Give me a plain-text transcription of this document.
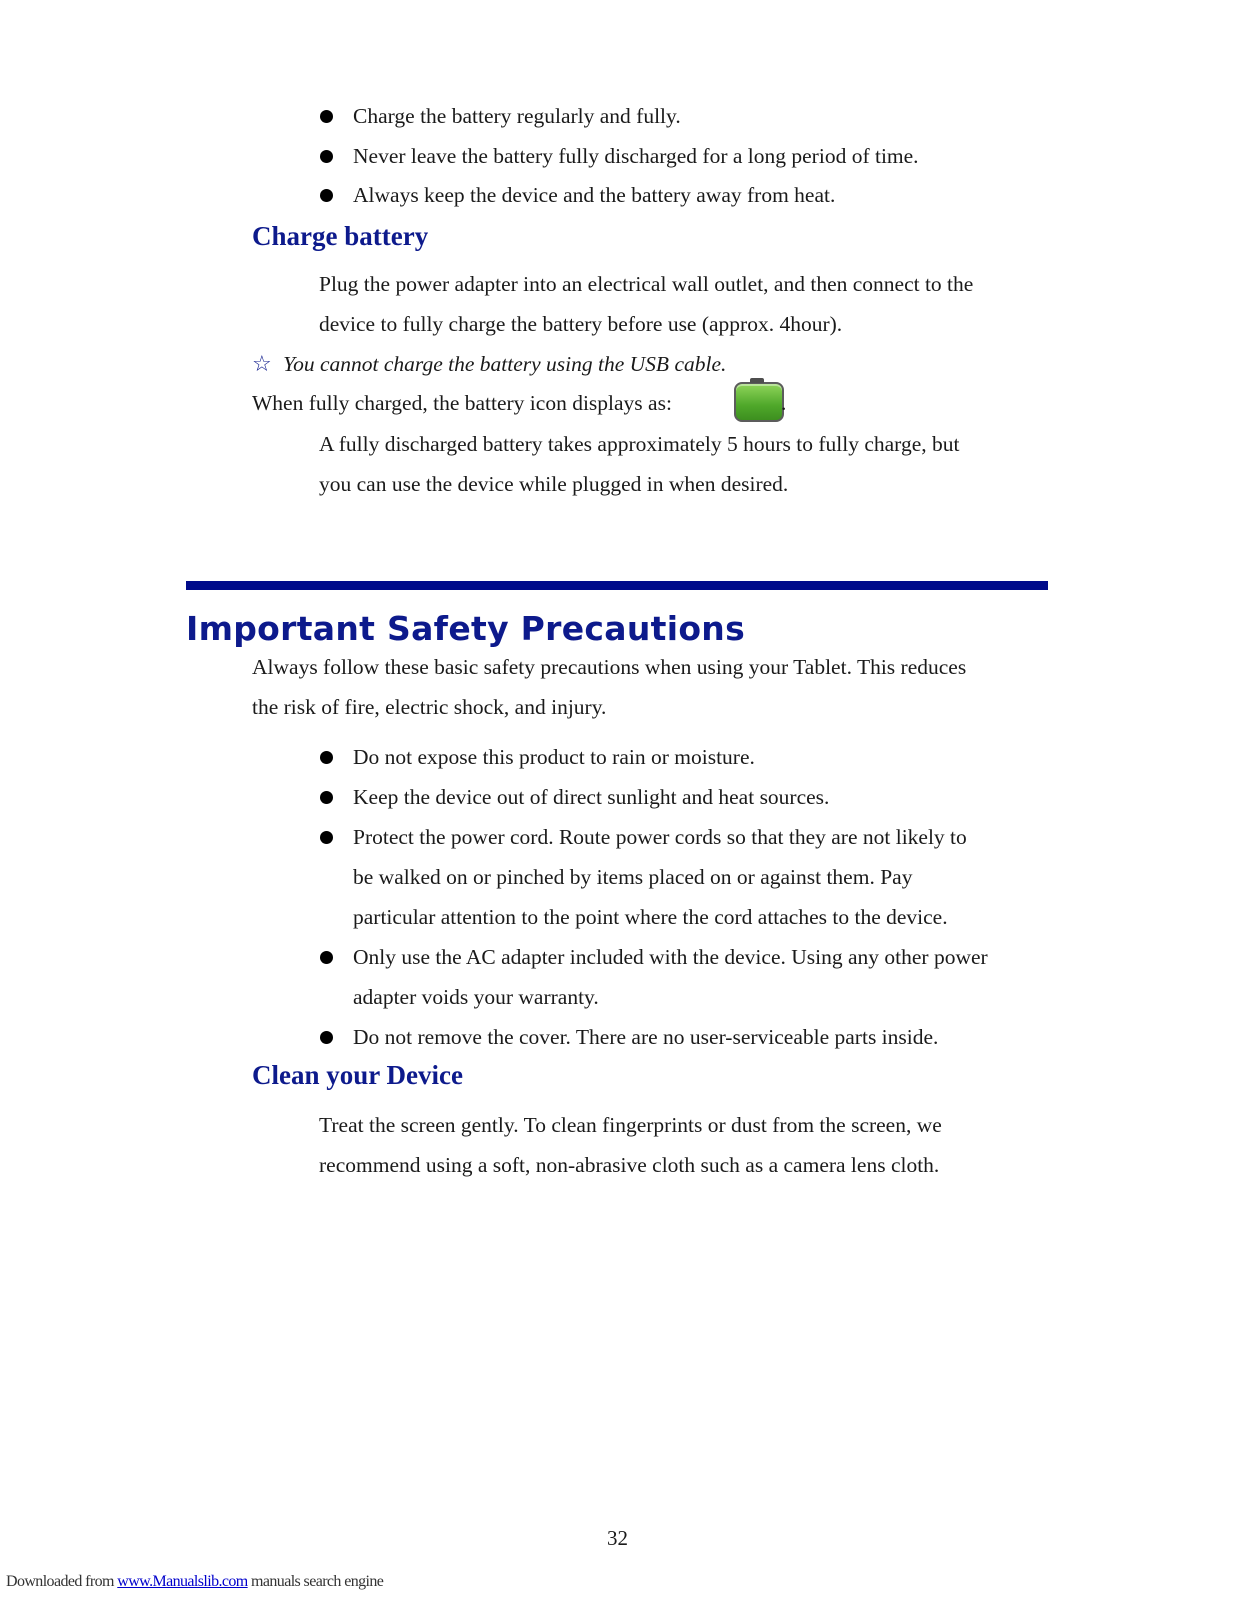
Charge the battery regularly and fully.
Never leave the battery fully discharged for a long period of time.
Always keep the device and the battery away from heat.
Charge battery
Plug the power adapter into an electrical wall outlet, and then connect to the
device to fully charge the battery before use (approx. 4hour).
☆ You cannot charge the battery using the USB cable.
When fully charged, the battery icon displays as:	.
A fully discharged battery takes approximately 5 hours to fully charge, but
you can use the device while plugged in when desired.
Important Safety Precautions
Always follow these basic safety precautions when using your Tablet. This reduces
the risk of fire, electric shock, and injury.
Do not expose this product to rain or moisture.
Keep the device out of direct sunlight and heat sources.
Protect the power cord. Route power cords so that they are not likely to
be walked on or pinched by items placed on or against them. Pay
particular attention to the point where the cord attaches to the device.
Only use the AC adapter included with the device. Using any other power
adapter voids your warranty.
Do not remove the cover. There are no user-serviceable parts inside.
Clean your Device
Treat the screen gently. To clean fingerprints or dust from the screen, we
recommend using a soft, non-abrasive cloth such as a camera lens cloth.
32
Downloaded from www.Manualslib.com manuals search engine
